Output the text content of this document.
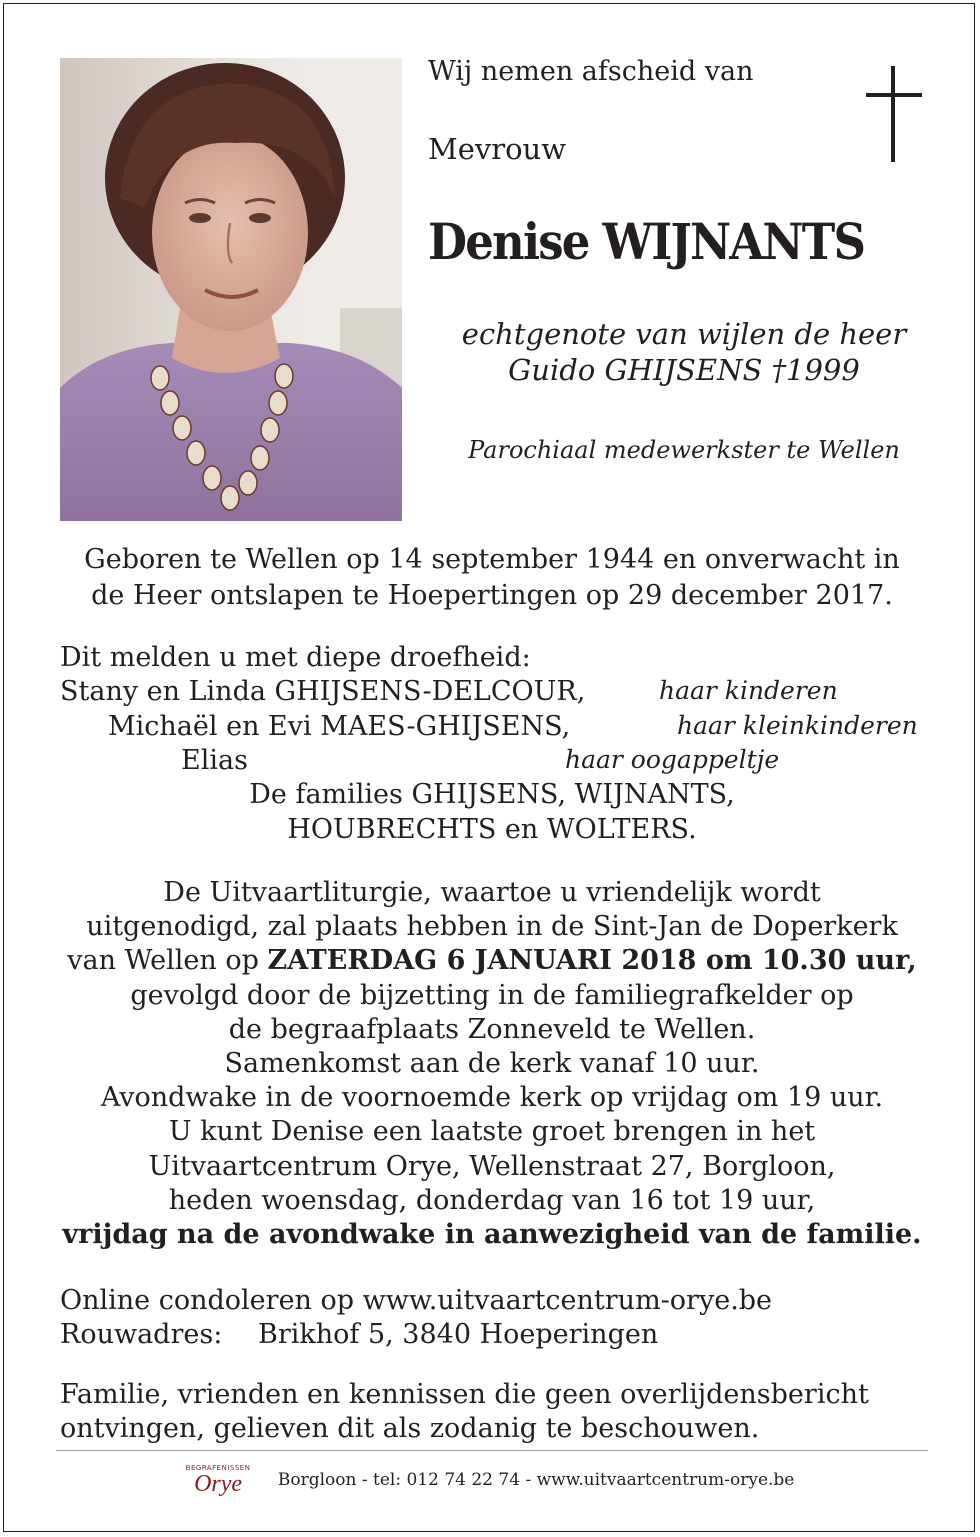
Wij nemen afscheid van
Mevrouw
Denise WIJNANTS
echtgenote van wijlen de heer
Guido GHIJSENS †1999
Parochiaal medewerkster te Wellen
Geboren te Wellen op 14 september 1944 en onverwacht in
de Heer ontslapen te Hoepertingen op 29 december 2017.
Dit melden u met diepe droefheid:
Stany en Linda GHIJSENS-DELCOUR,	haar kinderen
Michaël en Evi MAES-GHIJSENS,	haar kleinkinderen
Elias	haar oogappeltje
De families GHIJSENS, WIJNANTS,
HOUBRECHTS en WOLTERS.
De Uitvaartliturgie, waartoe u vriendelijk wordt
uitgenodigd, zal plaats hebben in de Sint-Jan de Doperkerk
van Wellen op ZATERDAG 6 JANUARI 2018 om 10.30 uur,
gevolgd door de bijzetting in de familiegrafkelder op
de begraafplaats Zonneveld te Wellen.
Samenkomst aan de kerk vanaf 10 uur.
Avondwake in de voornoemde kerk op vrijdag om 19 uur.
U kunt Denise een laatste groet brengen in het
Uitvaartcentrum Orye, Wellenstraat 27, Borgloon,
heden woensdag, donderdag van 16 tot 19 uur,
vrijdag na de avondwake in aanwezigheid van de familie.
Online condoleren op www.uitvaartcentrum-orye.be
Rouwadres: Brikhof 5, 3840 Hoeperingen
Familie, vrienden en kennissen die geen overlijdensbericht
ontvingen, gelieven dit als zodanig te beschouwen.
BEGRAFENISSEN
Orye	Borgloon - tel: 012 74 22 74 - www.uitvaartcentrum-orye.be
